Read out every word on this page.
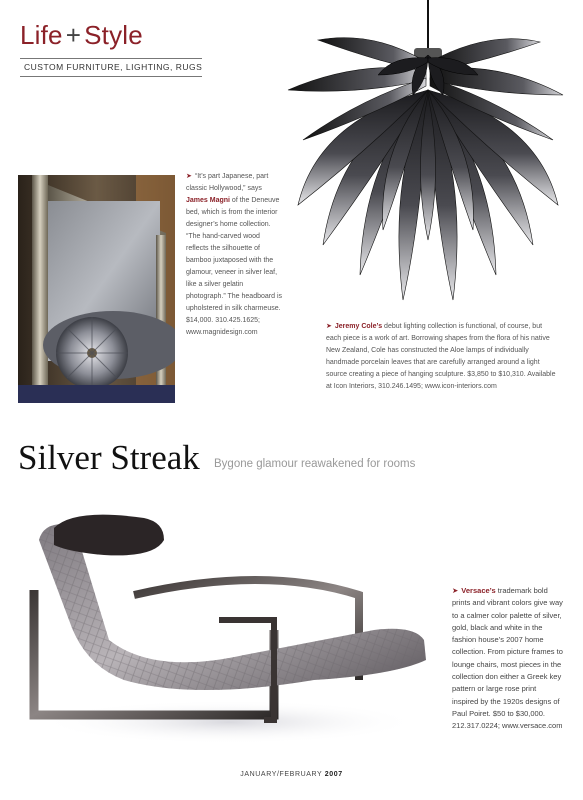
Life + Style
CUSTOM FURNITURE, LIGHTING, RUGS
➤ “It’s part Japanese, part classic Hollywood,” says James Magni of the Deneuve bed, which is from the interior designer’s home collection. “The hand-carved wood reflects the silhouette of bamboo juxtaposed with the glamour, veneer in silver leaf, like a silver gelatin photograph.” The headboard is upholstered in silk charmeuse. $14,000. 310.425.1625; www.magnidesign.com
➤ Jeremy Cole’s debut lighting collection is functional, of course, but each piece is a work of art. Borrowing shapes from the flora of his native New Zealand, Cole has constructed the Aloe lamps of individually handmade porcelain leaves that are carefully arranged around a light source creating a piece of hanging sculpture. $3,850 to $10,310. Available at Icon Interiors, 310.246.1495; www.icon-interiors.com
Silver Streak Bygone glamour reawakened for rooms
➤ Versace’s trademark bold prints and vibrant colors give way to a calmer color palette of silver, gold, black and white in the fashion house’s 2007 home collection. From picture frames to lounge chairs, most pieces in the collection don either a Greek key pattern or large rose print inspired by the 1920s designs of Paul Poiret. $50 to $30,000. 212.317.0224; www.versace.com
JANUARY/FEBRUARY 2007
